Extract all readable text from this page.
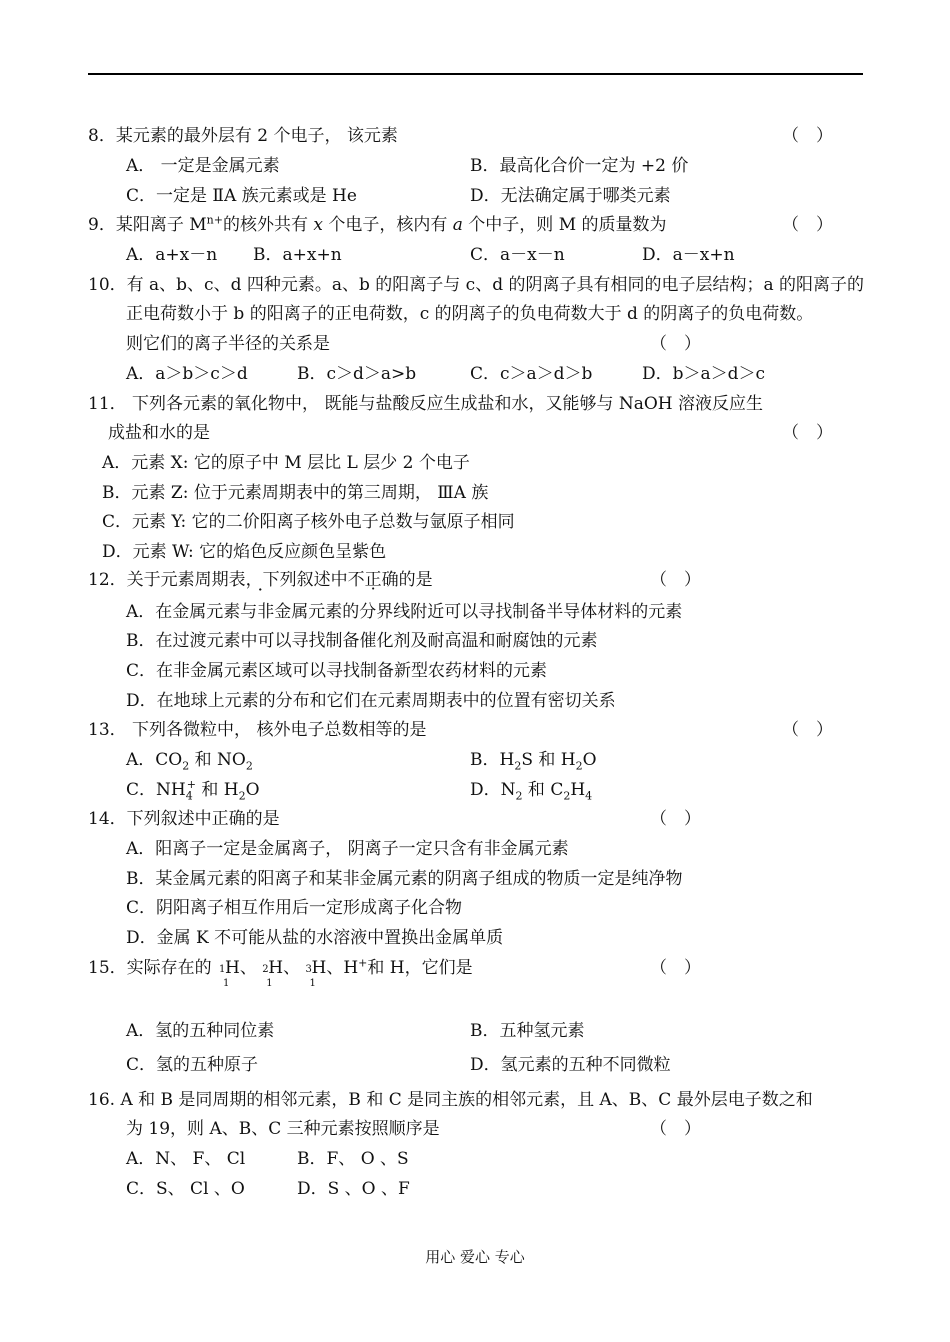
8．某元素的最外层有 2 个电子， 该元素	（　）
A． 一定是金属元素	B．最高化合价一定为 +2 价
C．一定是 ⅡA 族元素或是 He	D．无法确定属于哪类元素
9．某阳离子 $M^{n+}$的核外共有 x 个电子，核内有 a 个中子，则 M 的质量数为	（　）
A．a+x－n B．a+x+n	C．a－x－n	D．a－x+n
10．有 a、b、c、d 四种元素。a、b 的阳离子与 c、d 的阴离子具有相同的电子层结构；a 的阳离子的
正电荷数小于 b 的阳离子的正电荷数，c 的阴离子的负电荷数大于 d 的阴离子的负电荷数。
则它们的离子半径的关系是	（　）
A．a＞b＞c＞d	B．c＞d＞a>b	C．c＞a＞d＞b	D．b＞a＞d＞c
11． 下列各元素的氧化物中， 既能与盐酸反应生成盐和水，又能够与 NaOH 溶液反应生
成盐和水的是	（　）
A．元素 X: 它的原子中 M 层比 L 层少 2 个电子
B．元素 Z: 位于元素周期表中的第三周期， ⅢA 族
C．元素 Y: 它的二价阳离子核外电子总数与氩原子相同
D．元素 W: 它的焰色反应颜色呈紫色
12．关于元素周期表，下列叙述中 ·不正确的是 ·	（　）
A．在金属元素与非金属元素的分界线附近可以寻找制备半导体材料的元素
B．在过渡元素中可以寻找制备催化剂及耐高温和耐腐蚀的元素
C．在非金属元素区域可以寻找制备新型农药材料的元素
D．在地球上元素的分布和它们在元素周期表中的位置有密切关系
13． 下列各微粒中， 核外电子总数相等的是	（　）
A．$CO_2$ 和 $NO_2$	B．$H_2S$ 和 $H_2O$
C．$NH_4^+$ 和 $H_2O$	D．$N_2$ 和 $C_2H_4$
14．下列叙述中正确的是	（　）
A．阳离子一定是金属离子， 阴离子一定只含有非金属元素
B．某金属元素的阳离子和某非金属元素的阴离子组成的物质一定是纯净物
C．阴阳离子相互作用后一定形成离子化合物
D．金属 K 不可能从盐的水溶液中置换出金属单质
15．实际存在的 1
1
H、 2
1
H、 3
1
H、H+和 H，它们是	（　）
A．氢的五种同位素	B．五种氢元素
C．氢的五种原子	D．氢元素的五种不同微粒
16. A 和 B 是同周期的相邻元素，B 和 C 是同主族的相邻元素，且 A、B、C 最外层电子数之和
为 19，则 A、B、C 三种元素按照顺序是	（　）
A．N、 F、 Cl	B．F、 O 、S
C．S、 Cl 、O	D．S 、O 、F
用心 爱心 专心
